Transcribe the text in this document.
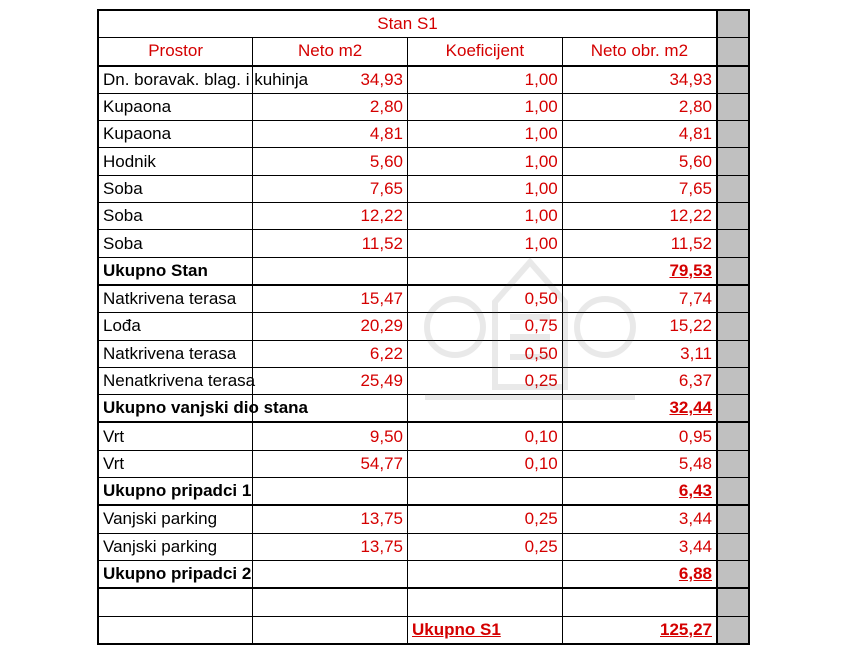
Stan S1				
Prostor	Neto m2	Koeficijent	Neto obr. m2	
Dn. boravak. blag. i kuhinja	34,93	1,00	34,93	
Kupaona	2,80	1,00	2,80	
Kupaona	4,81	1,00	4,81	
Hodnik	5,60	1,00	5,60	
Soba	7,65	1,00	7,65	
Soba	12,22	1,00	12,22	
Soba	11,52	1,00	11,52	
Ukupno Stan			79,53	
Natkrivena terasa	15,47	0,50	7,74	
Lođa	20,29	0,75	15,22	
Natkrivena terasa	6,22	0,50	3,11	
Nenatkrivena terasa	25,49	0,25	6,37	
Ukupno vanjski dio stana			32,44	
Vrt	9,50	0,10	0,95	
Vrt	54,77	0,10	5,48	
Ukupno pripadci 1			6,43	
Vanjski parking	13,75	0,25	3,44	
Vanjski parking	13,75	0,25	3,44	
Ukupno pripadci 2			6,88	

		Ukupno S1	125,27	
